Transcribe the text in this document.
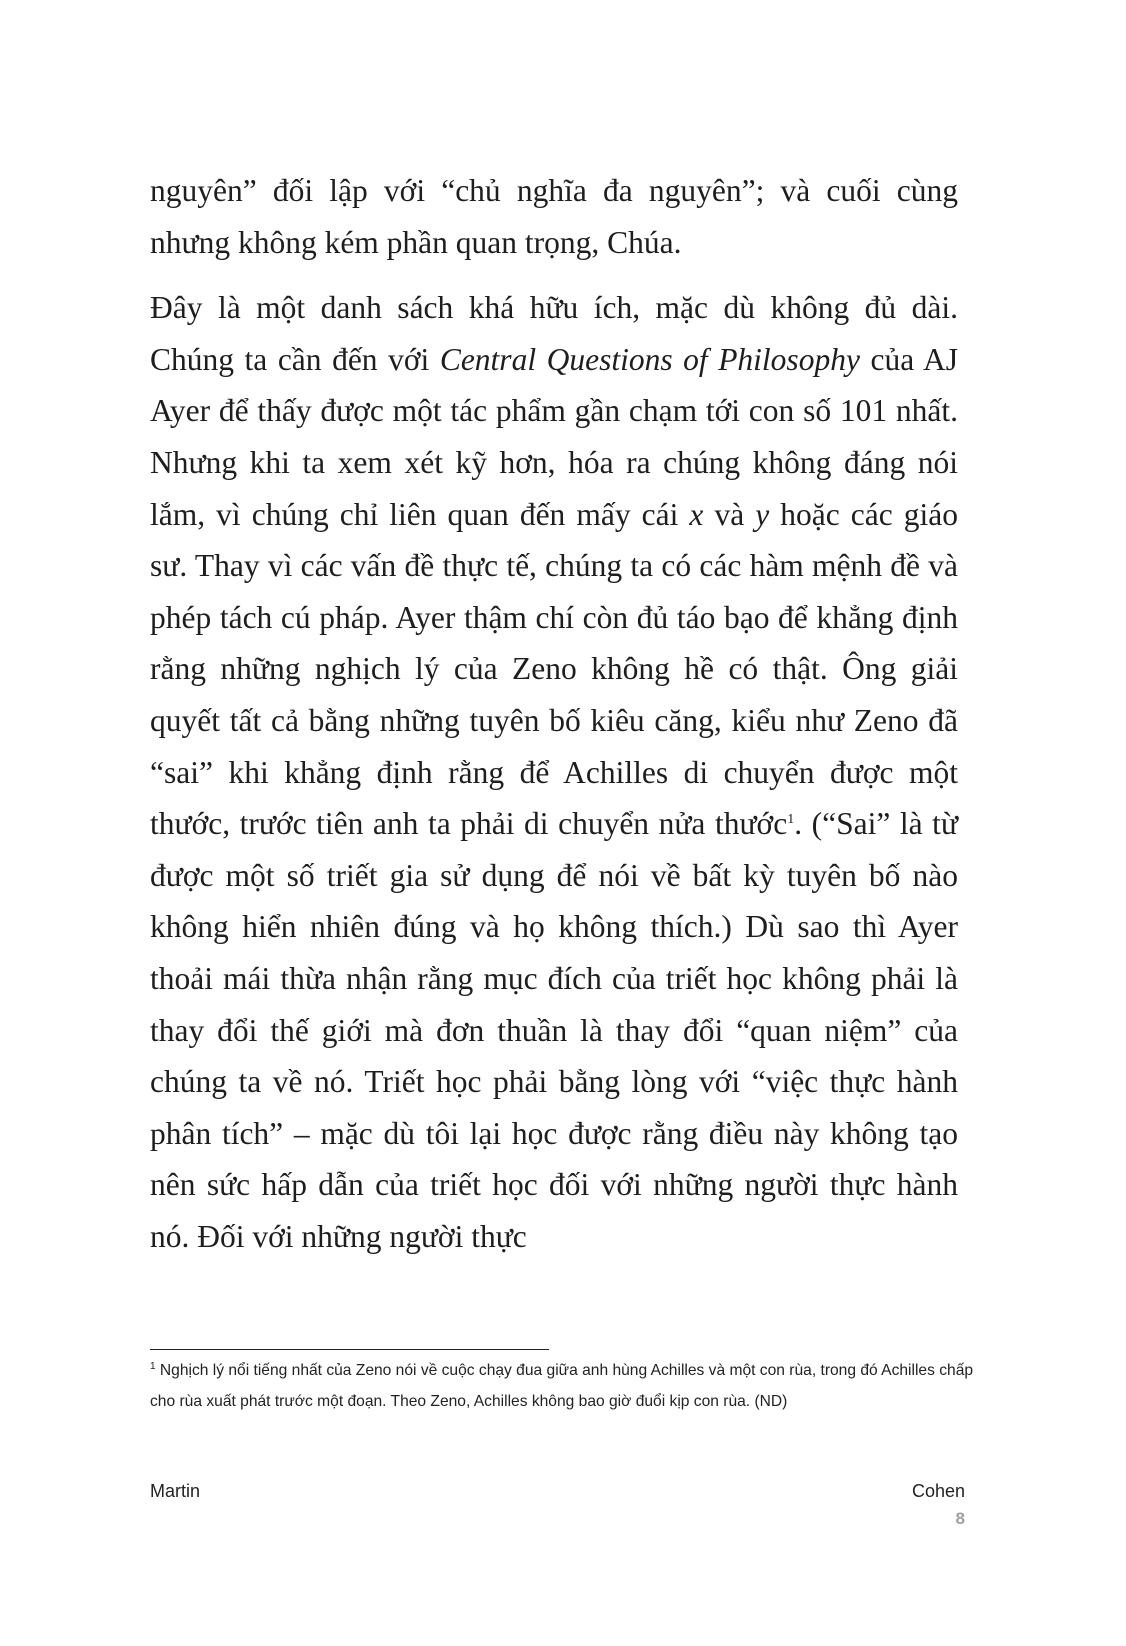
nguyên” đối lập với “chủ nghĩa đa nguyên”; và cuối cùng nhưng không kém phần quan trọng, Chúa.

Đây là một danh sách khá hữu ích, mặc dù không đủ dài. Chúng ta cần đến với Central Questions of Philosophy của AJ Ayer để thấy được một tác phẩm gần chạm tới con số 101 nhất. Nhưng khi ta xem xét kỹ hơn, hóa ra chúng không đáng nói lắm, vì chúng chỉ liên quan đến mấy cái x và y hoặc các giáo sư. Thay vì các vấn đề thực tế, chúng ta có các hàm mệnh đề và phép tách cú pháp. Ayer thậm chí còn đủ táo bạo để khẳng định rằng những nghịch lý của Zeno không hề có thật. Ông giải quyết tất cả bằng những tuyên bố kiêu căng, kiểu như Zeno đã “sai” khi khẳng định rằng để Achilles di chuyển được một thước, trước tiên anh ta phải di chuyển nửa thước$^1$. (“Sai” là từ được một số triết gia sử dụng để nói về bất kỳ tuyên bố nào không hiển nhiên đúng và họ không thích.) Dù sao thì Ayer thoải mái thừa nhận rằng mục đích của triết học không phải là thay đổi thế giới mà đơn thuần là thay đổi “quan niệm” của chúng ta về nó. Triết học phải bằng lòng với “việc thực hành phân tích” – mặc dù tôi lại học được rằng điều này không tạo nên sức hấp dẫn của triết học đối với những người thực hành nó. Đối với những người thực

$^1$ Nghịch lý nổi tiếng nhất của Zeno nói về cuộc chạy đua giữa anh hùng Achilles và một con rùa, trong đó Achilles chấp cho rùa xuất phát trước một đoạn. Theo Zeno, Achilles không bao giờ đuổi kịp con rùa. (ND)
Martin	Cohen
8
